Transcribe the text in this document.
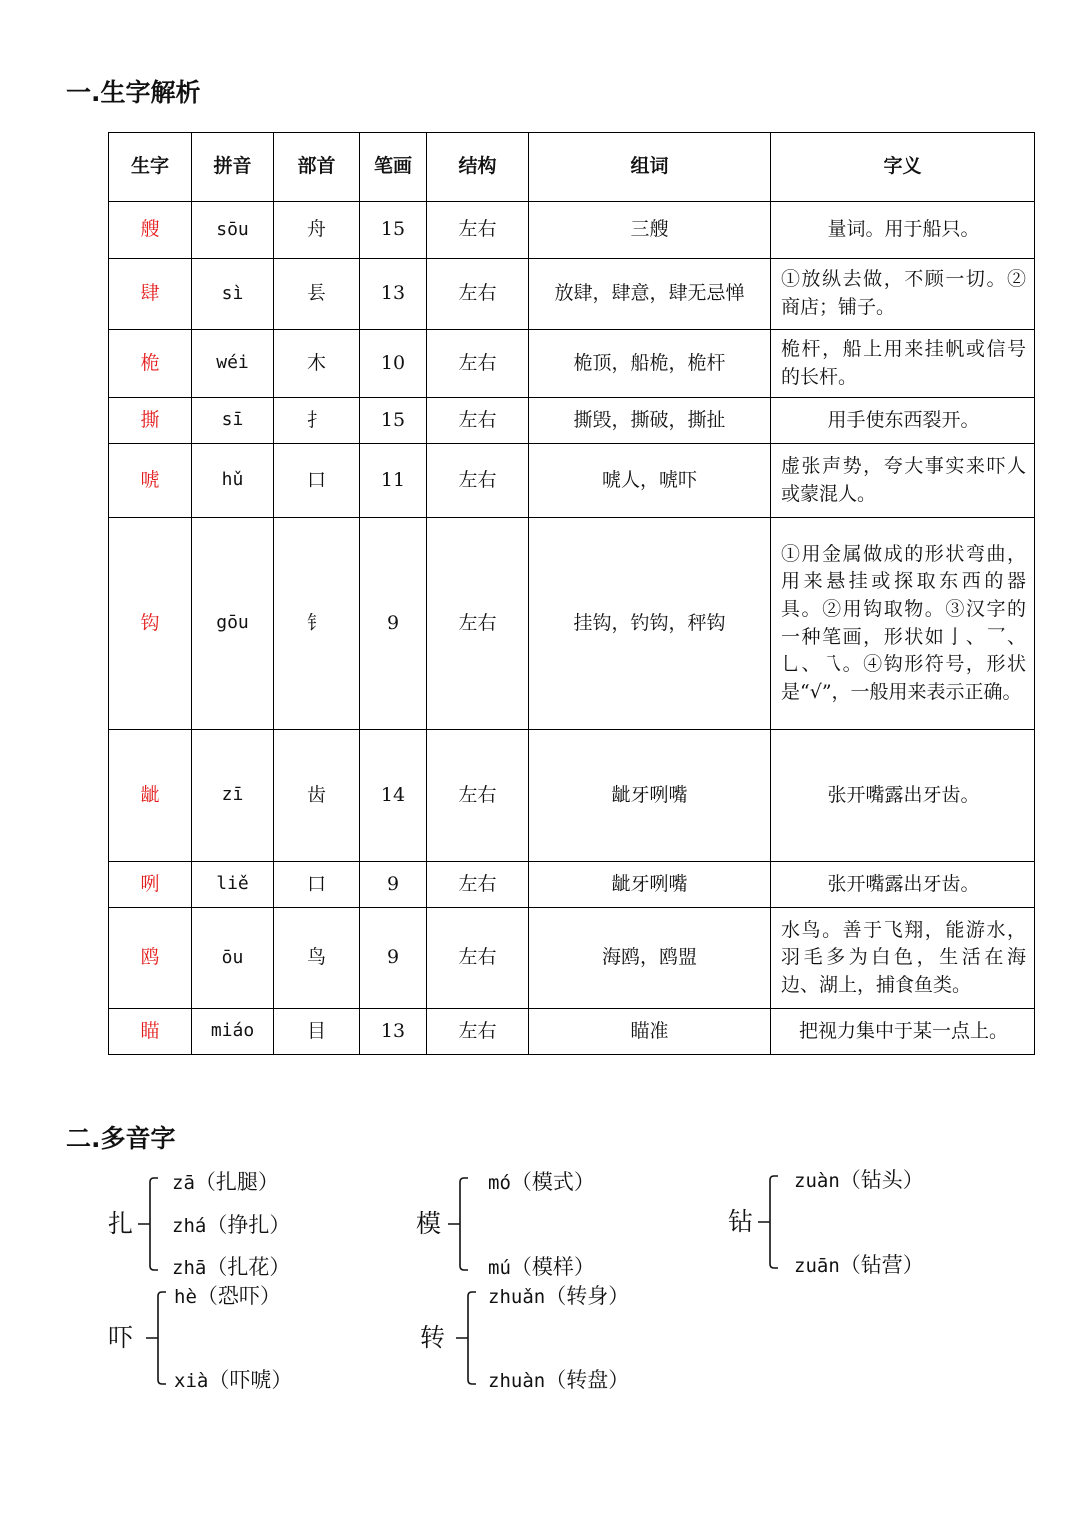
一.生字解析
生字	拼音	部首	笔画	结构	组词	字义
艘	sōu	舟	15	左右	三艘	量词。用于船只。
肆	sì	镸	13	左右	放肆，肆意，肆无忌惮	①放纵去做，不顾一切。②商店；铺子。
桅	wéi	木	10	左右	桅顶，船桅，桅杆	桅杆，船上用来挂帆或信号的长杆。
撕	sī	扌	15	左右	撕毁，撕破，撕扯	用手使东西裂开。
唬	hǔ	口	11	左右	唬人，唬吓	虚张声势，夸大事实来吓人或蒙混人。
钩	gōu	钅	9	左右	挂钩，钓钩，秤钩	①用金属做成的形状弯曲，用来悬挂或探取东西的器具。②用钩取物。③汉字的一种笔画，形状如亅、乛、乚、乁。④钩形符号，形状是“√”，一般用来表示正确。
龇	zī	齿	14	左右	龇牙咧嘴	张开嘴露出牙齿。
咧	liě	口	9	左右	龇牙咧嘴	张开嘴露出牙齿。
鸥	ōu	鸟	9	左右	海鸥，鸥盟	水鸟。善于飞翔，能游水，羽毛多为白色，生活在海边、湖上，捕食鱼类。
瞄	miáo	目	13	左右	瞄准	把视力集中于某一点上。
二.多音字
扎
zā（扎腿）
zhá（挣扎）
zhā（扎花）
模
mó（模式）
mú（模样）
钻
zuàn（钻头）
zuān（钻营）
吓
hè（恐吓）
xià（吓唬）
转
zhuǎn（转身）
zhuàn（转盘）
